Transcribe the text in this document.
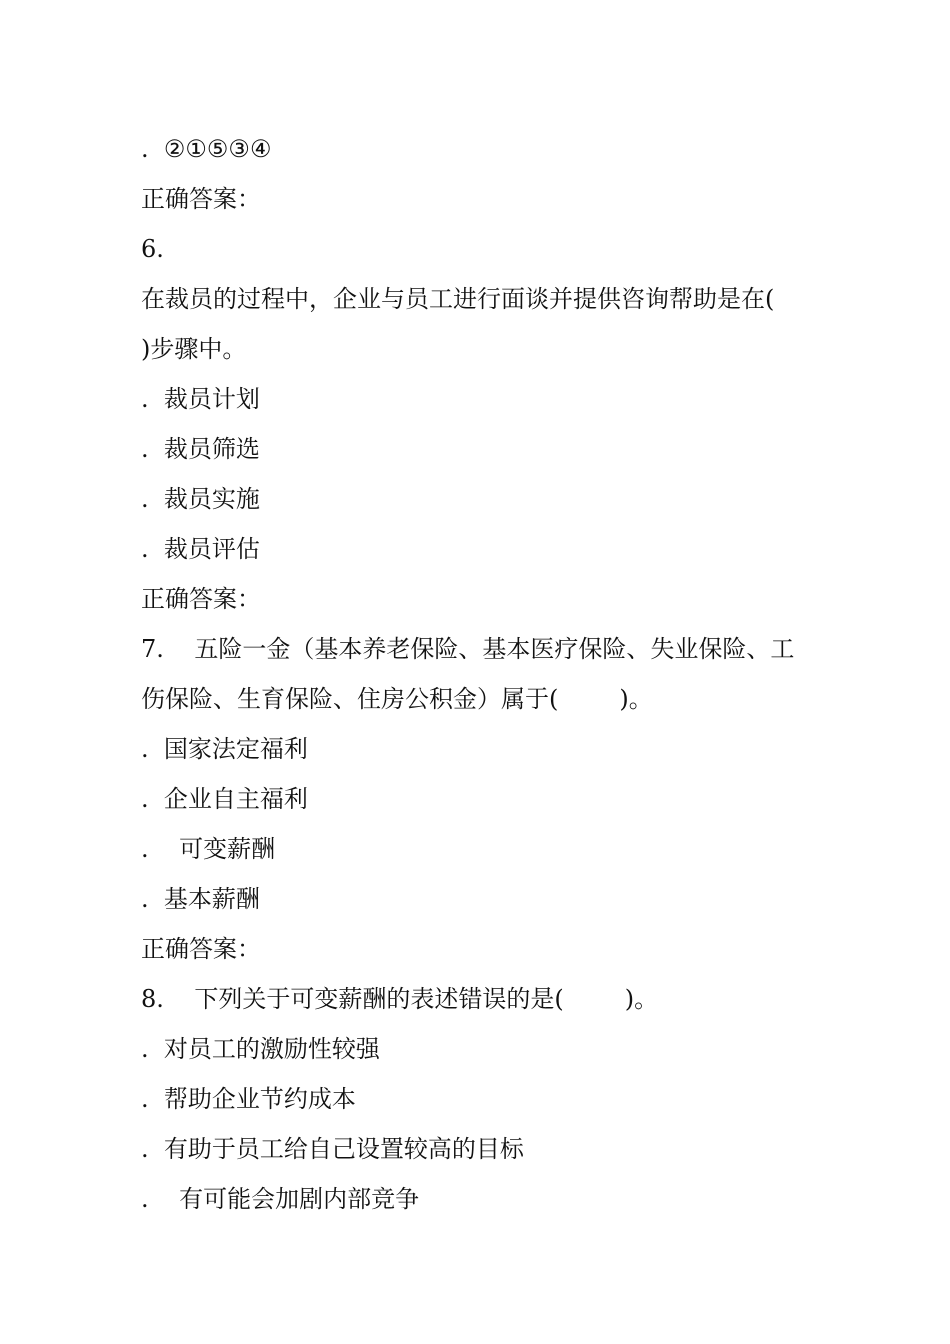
.  ②①⑤③④
正确答案：
6.
在裁员的过程中，企业与员工进行面谈并提供咨询帮助是在(
)步骤中。
.  裁员计划
.  裁员筛选
.  裁员实施
.  裁员评估
正确答案：
7.    五险一金（基本养老保险、基本医疗保险、失业保险、工
伤保险、生育保险、住房公积金）属于(        )。
.  国家法定福利
.  企业自主福利
.    可变薪酬
.  基本薪酬
正确答案：
8.    下列关于可变薪酬的表述错误的是(        )。
.  对员工的激励性较强
.  帮助企业节约成本
.  有助于员工给自己设置较高的目标
.    有可能会加剧内部竞争
